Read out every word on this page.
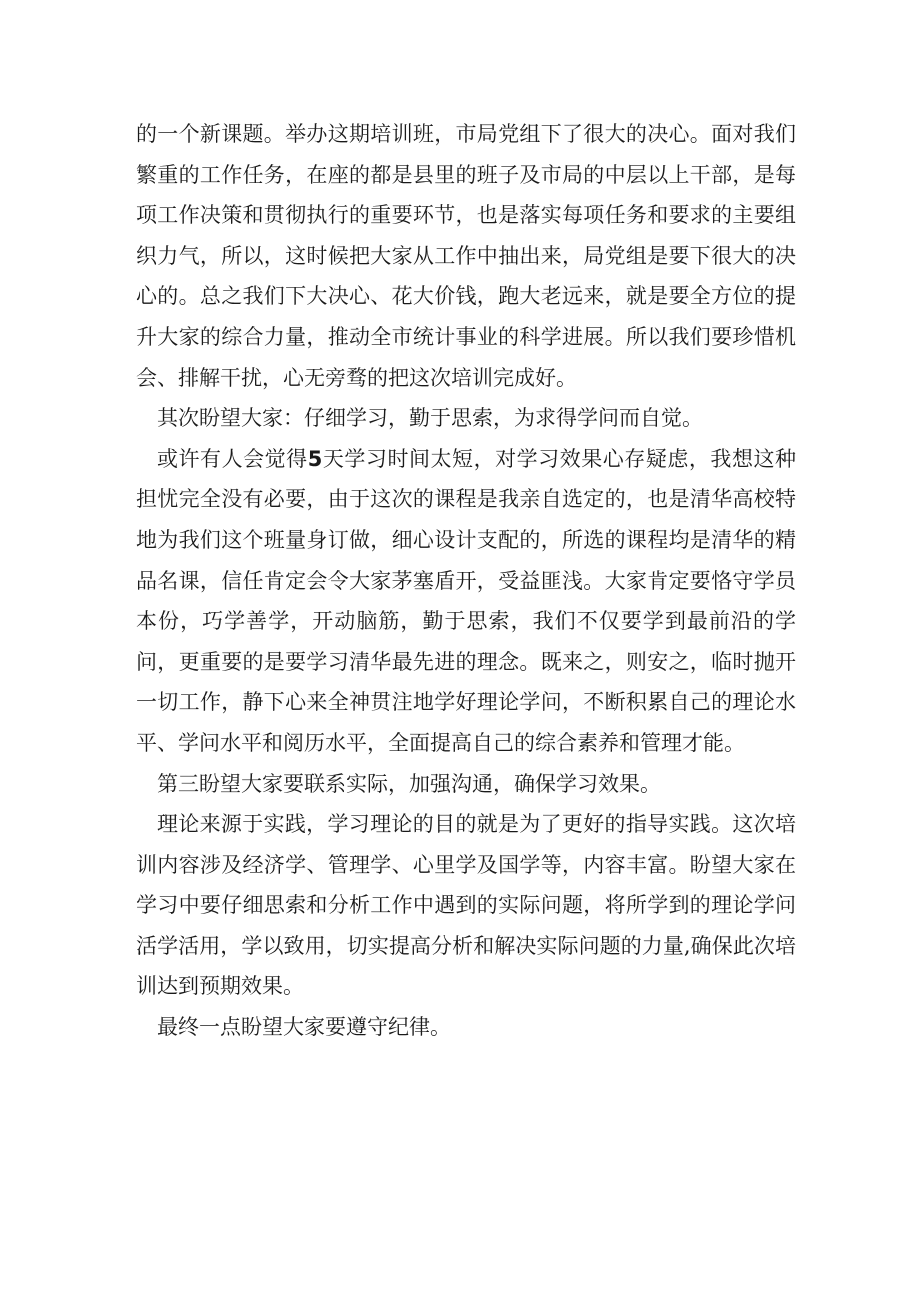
的一个新课题。举办这期培训班，市局党组下了很大的决心。面对我们繁重的工作任务，在座的都是县里的班子及市局的中层以上干部，是每项工作决策和贯彻执行的重要环节，也是落实每项任务和要求的主要组织力气，所以，这时候把大家从工作中抽出来，局党组是要下很大的决心的。总之我们下大决心、花大价钱，跑大老远来，就是要全方位的提升大家的综合力量，推动全市统计事业的科学进展。所以我们要珍惜机会、排解干扰，心无旁骛的把这次培训完成好。

其次盼望大家：仔细学习，勤于思索，为求得学问而自觉。

或许有人会觉得5天学习时间太短，对学习效果心存疑虑，我想这种担忧完全没有必要，由于这次的课程是我亲自选定的，也是清华高校特地为我们这个班量身订做，细心设计支配的，所选的课程均是清华的精品名课，信任肯定会令大家茅塞盾开，受益匪浅。大家肯定要恪守学员本份，巧学善学，开动脑筋，勤于思索，我们不仅要学到最前沿的学问，更重要的是要学习清华最先进的理念。既来之，则安之，临时抛开一切工作，静下心来全神贯注地学好理论学问，不断积累自己的理论水平、学问水平和阅历水平，全面提高自己的综合素养和管理才能。

第三盼望大家要联系实际，加强沟通，确保学习效果。

理论来源于实践，学习理论的目的就是为了更好的指导实践。这次培训内容涉及经济学、管理学、心里学及国学等，内容丰富。盼望大家在学习中要仔细思索和分析工作中遇到的实际问题，将所学到的理论学问活学活用，学以致用，切实提高分析和解决实际问题的力量,确保此次培训达到预期效果。

最终一点盼望大家要遵守纪律。
